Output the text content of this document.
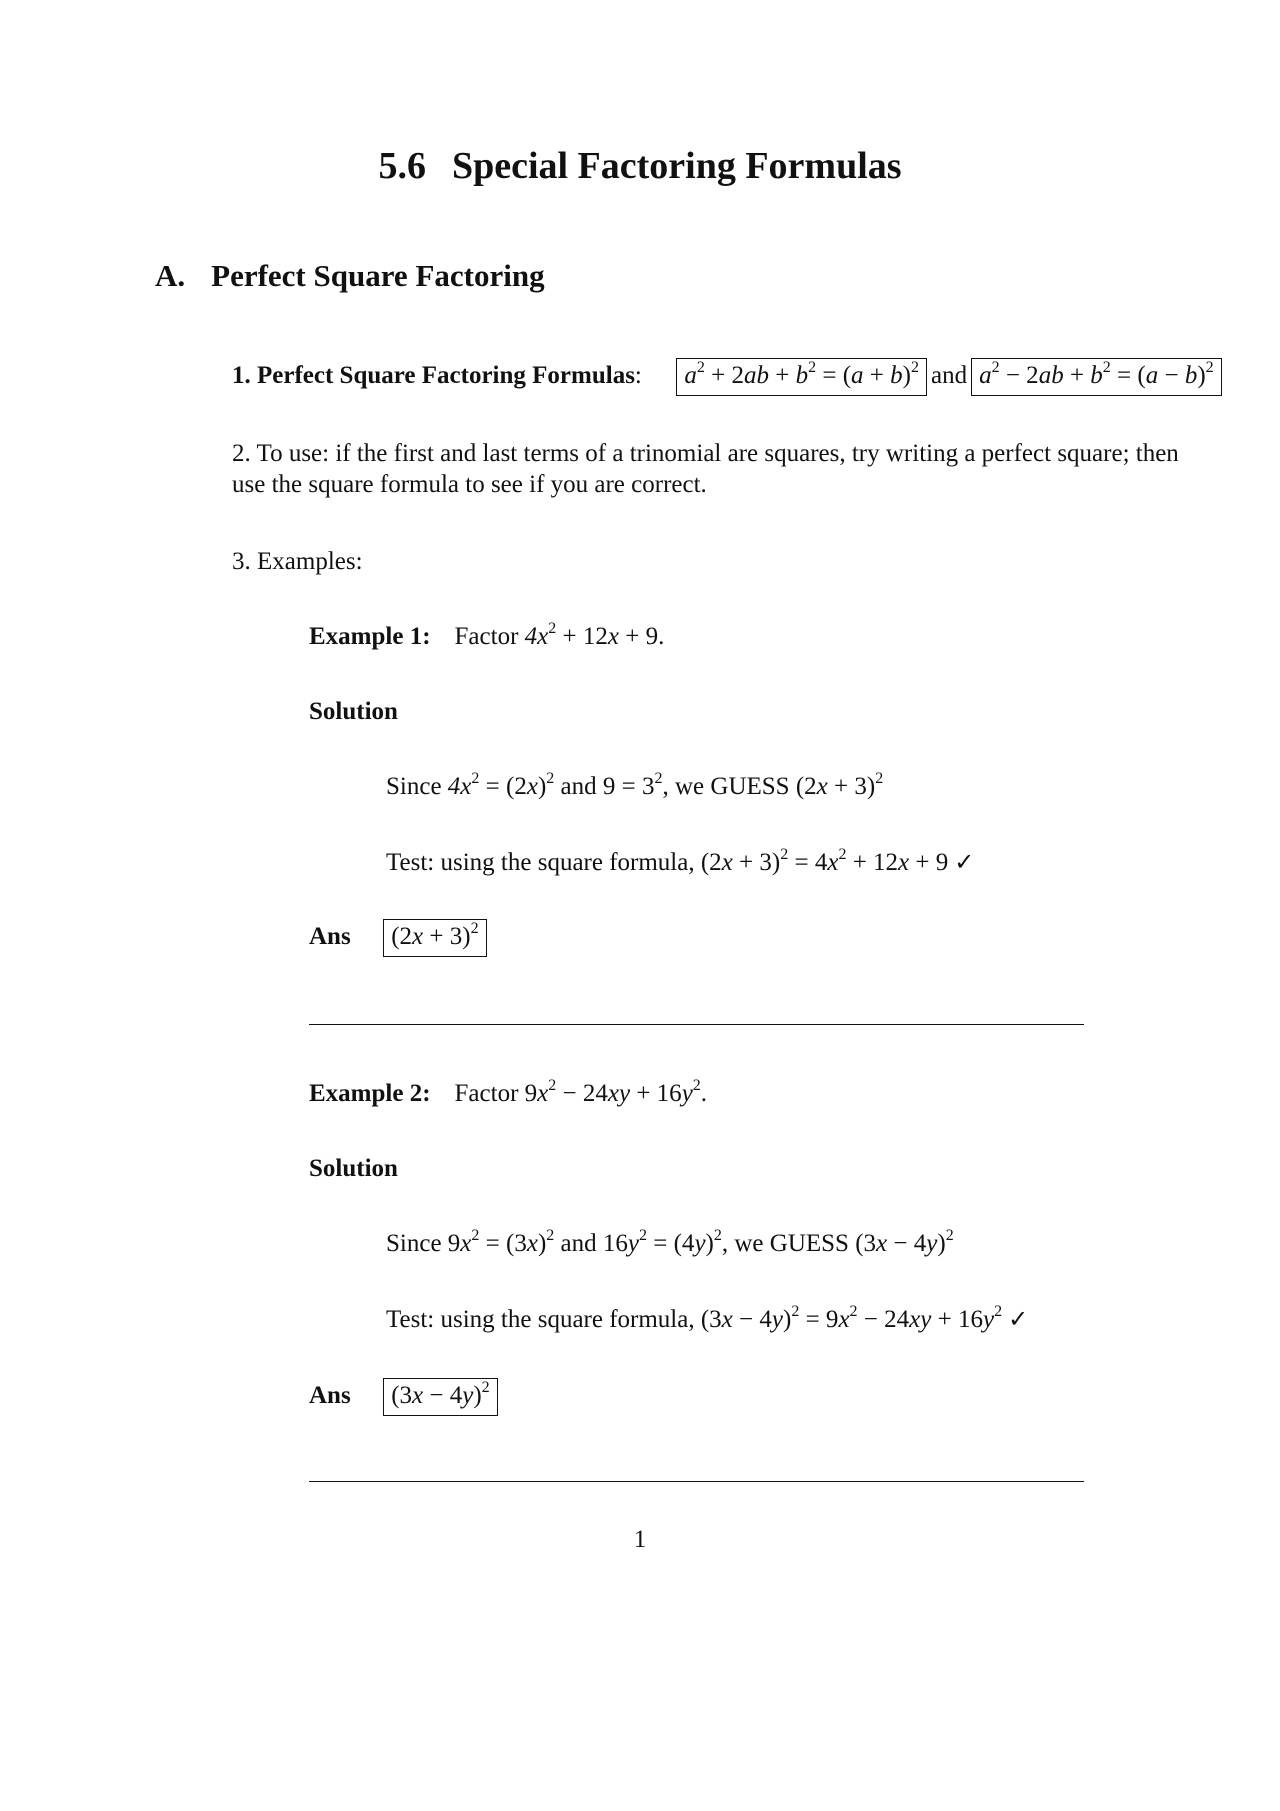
5.6 Special Factoring Formulas
A. Perfect Square Factoring
1. Perfect Square Factoring Formulas: $a^2 + 2ab + b^2 = (a + b)^2$ and $a^2 - 2ab + b^2 = (a - b)^2$
2. To use: if the first and last terms of a trinomial are squares, try writing a perfect square; then use the square formula to see if you are correct.
3. Examples:
Example 1: Factor $4x^2 + 12x + 9$.
Solution
Since $4x^2 = (2x)^2$ and $9 = 3^2$, we GUESS $(2x + 3)^2$
Test: using the square formula, $(2x + 3)^2 = 4x^2 + 12x + 9$ ✓
Ans $(2x + 3)^2$
Example 2: Factor $9x^2 - 24xy + 16y^2$.
Solution
Since $9x^2 = (3x)^2$ and $16y^2 = (4y)^2$, we GUESS $(3x - 4y)^2$
Test: using the square formula, $(3x - 4y)^2 = 9x^2 - 24xy + 16y^2$ ✓
Ans $(3x - 4y)^2$
1
